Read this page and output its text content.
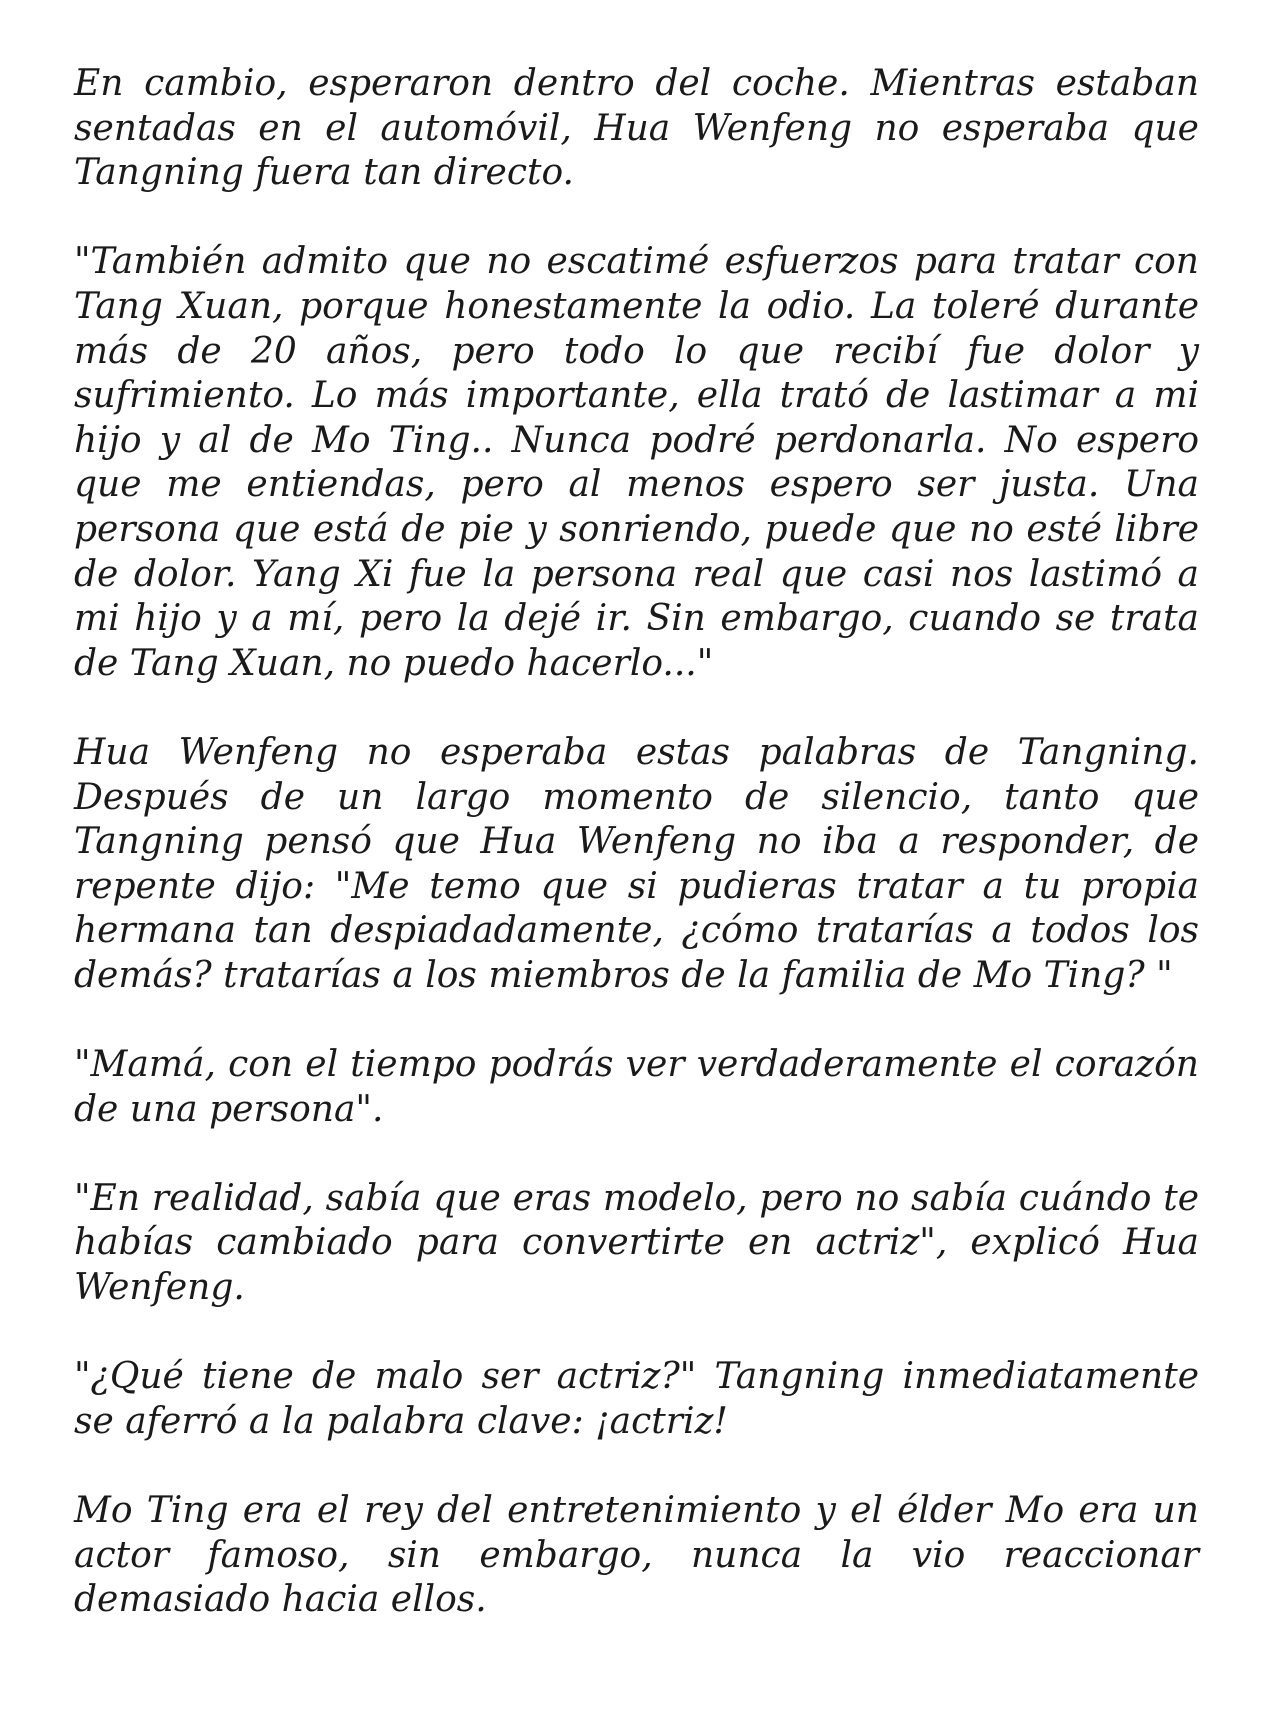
En cambio, esperaron dentro del coche. Mientras estaban sentadas en el automóvil, Hua Wenfeng no esperaba que Tangning fuera tan directo.

"También admito que no escatimé esfuerzos para tratar con Tang Xuan, porque honestamente la odio. La toleré durante más de 20 años, pero todo lo que recibí fue dolor y sufrimiento. Lo más importante, ella trató de lastimar a mi hijo y al de Mo Ting.. Nunca podré perdonarla. No espero que me entiendas, pero al menos espero ser justa. Una persona que está de pie y sonriendo, puede que no esté libre de dolor. Yang Xi fue la persona real que casi nos lastimó a mi hijo y a mí, pero la dejé ir. Sin embargo, cuando se trata de Tang Xuan, no puedo hacerlo..."

Hua Wenfeng no esperaba estas palabras de Tangning. Después de un largo momento de silencio, tanto que Tangning pensó que Hua Wenfeng no iba a responder, de repente dijo: "Me temo que si pudieras tratar a tu propia hermana tan despiadadamente, ¿cómo tratarías a todos los demás? tratarías a los miembros de la familia de Mo Ting? "

"Mamá, con el tiempo podrás ver verdaderamente el corazón de una persona".

"En realidad, sabía que eras modelo, pero no sabía cuándo te habías cambiado para convertirte en actriz", explicó Hua Wenfeng.

"¿Qué tiene de malo ser actriz?" Tangning inmediatamente se aferró a la palabra clave: ¡actriz!

Mo Ting era el rey del entretenimiento y el élder Mo era un actor famoso, sin embargo, nunca la vio reaccionar demasiado hacia ellos.
